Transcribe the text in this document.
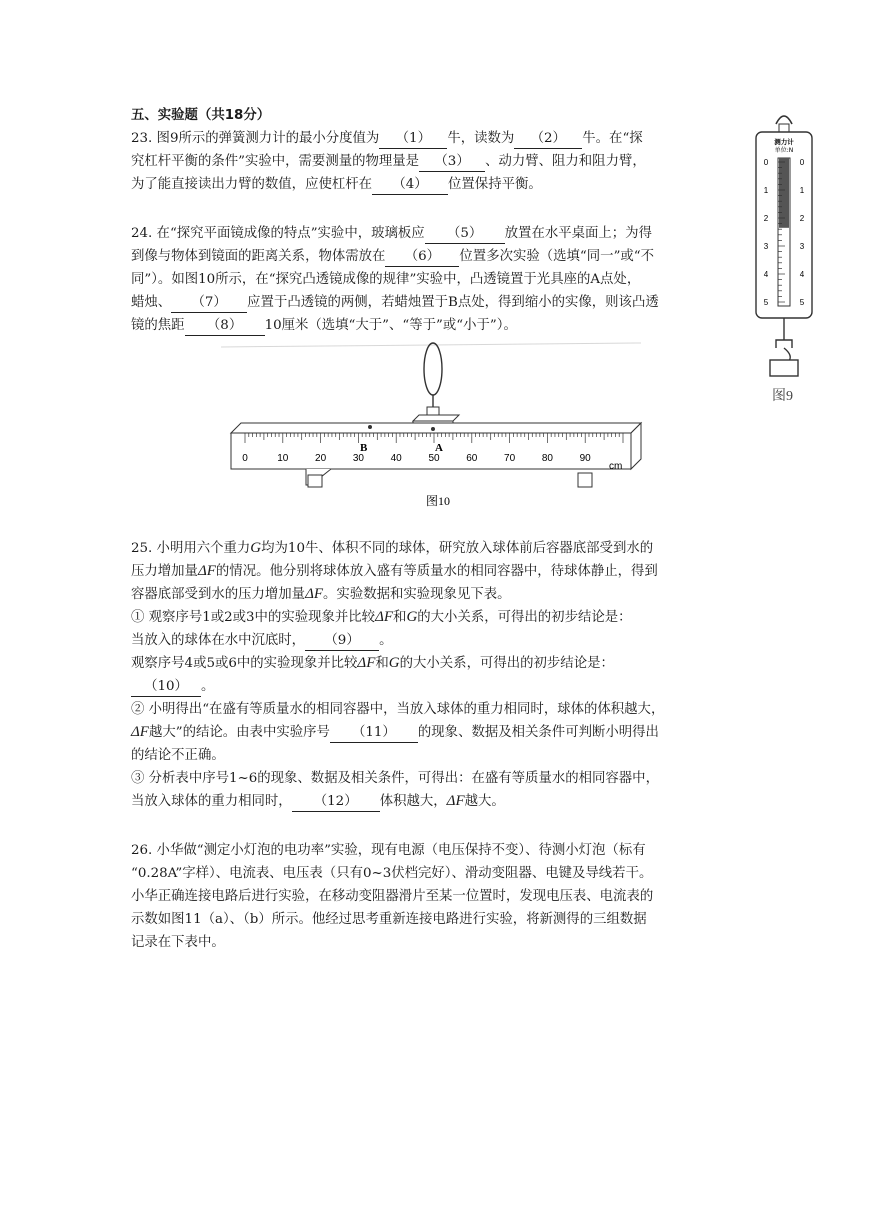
五、实验题（共18分）
23. 图9所示的弹簧测力计的最小分度值为 （1） 牛，读数为 （2） 牛。在“探
究杠杆平衡的条件”实验中，需要测量的物理量是 （3） 、动力臂、阻力和阻力臂，
为了能直接读出力臂的数值，应使杠杆在 （4） 位置保持平衡。
24. 在“探究平面镜成像的特点”实验中，玻璃板应 （5） 放置在水平桌面上；为得
到像与物体到镜面的距离关系，物体需放在 （6） 位置多次实验（选填“同一”或“不
同”）。如图10所示，在“探究凸透镜成像的规律”实验中，凸透镜置于光具座的A点处，
蜡烛、 （7） 应置于凸透镜的两侧，若蜡烛置于B点处，得到缩小的实像，则该凸透
镜的焦距 （8） 10厘米（选填“大于”、“等于”或“小于”）。
B	A
0	10	20	30	40	50	60	70	80	90
cm
图10
25. 小明用六个重力G均为10牛、体积不同的球体，研究放入球体前后容器底部受到水的
压力增加量ΔF的情况。他分别将球体放入盛有等质量水的相同容器中，待球体静止，得到
容器底部受到水的压力增加量ΔF。实验数据和实验现象见下表。
① 观察序号1或2或3中的实验现象并比较ΔF和G的大小关系，可得出的初步结论是：
当放入的球体在水中沉底时， （9） 。
观察序号4或5或6中的实验现象并比较ΔF和G的大小关系，可得出的初步结论是：
（10） 。
② 小明得出“在盛有等质量水的相同容器中，当放入球体的重力相同时，球体的体积越大，
ΔF越大”的结论。由表中实验序号 （11） 的现象、数据及相关条件可判断小明得出
的结论不正确。
③ 分析表中序号1~6的现象、数据及相关条件，可得出：在盛有等质量水的相同容器中，
当放入球体的重力相同时， （12） 体积越大，ΔF越大。
26. 小华做“测定小灯泡的电功率”实验，现有电源（电压保持不变）、待测小灯泡（标有
“0.28A”字样）、电流表、电压表（只有0~3伏档完好）、滑动变阻器、电键及导线若干。
小华正确连接电路后进行实验，在移动变阻器滑片至某一位置时，发现电压表、电流表的
示数如图11（a）、（b）所示。他经过思考重新连接电路进行实验，将新测得的三组数据
记录在下表中。
测力计
单位:N
0	0
1	1
2	2
3	3
4	4
5	5
图9
